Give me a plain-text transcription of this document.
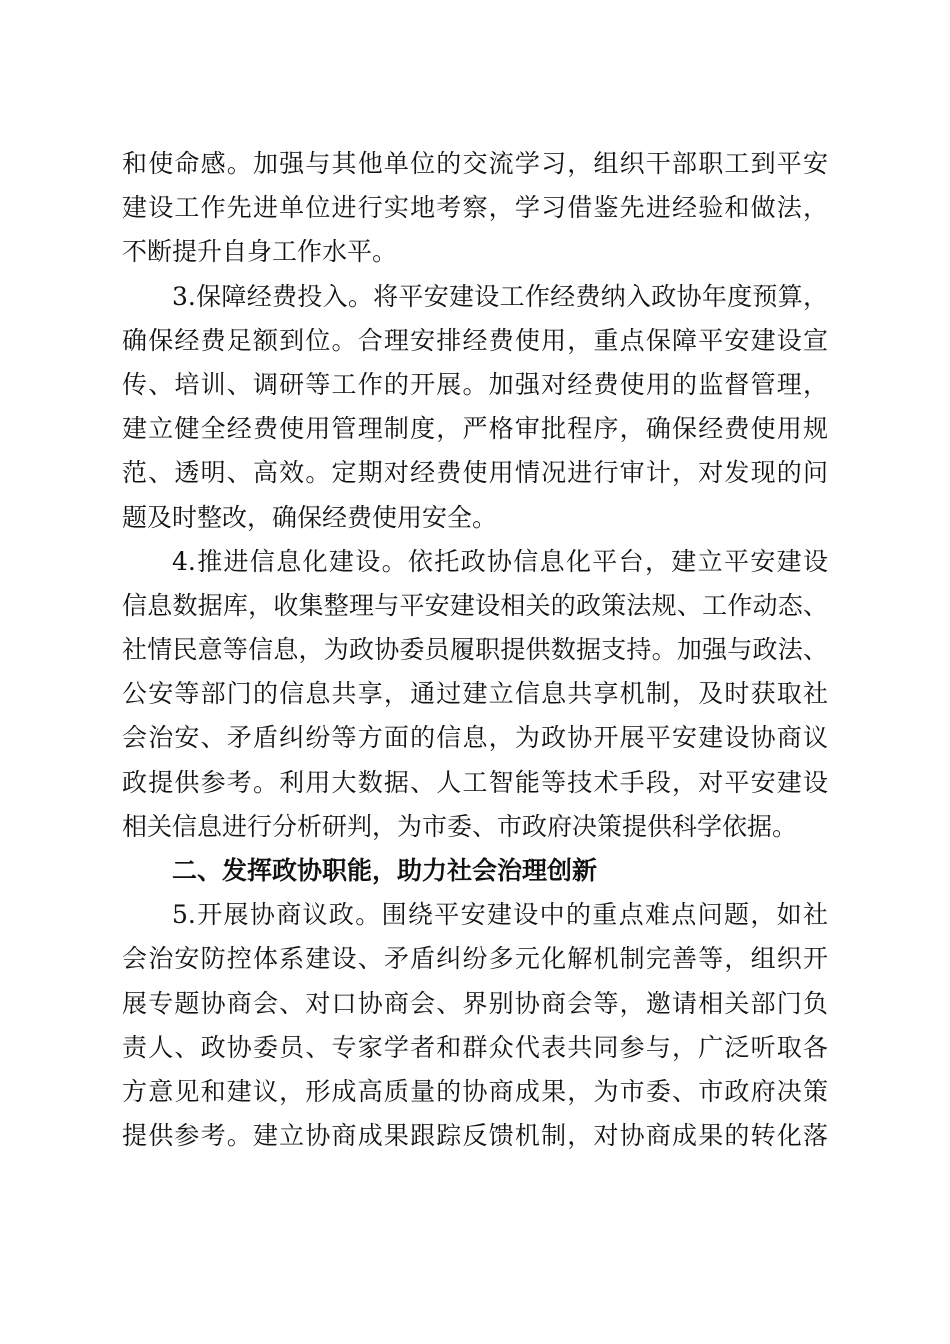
和使命感。加强与其他单位的交流学习，组织干部职工到平安
建设工作先进单位进行实地考察，学习借鉴先进经验和做法，
不断提升自身工作水平。
3.保障经费投入。将平安建设工作经费纳入政协年度预算，
确保经费足额到位。合理安排经费使用，重点保障平安建设宣
传、培训、调研等工作的开展。加强对经费使用的监督管理，
建立健全经费使用管理制度，严格审批程序，确保经费使用规
范、透明、高效。定期对经费使用情况进行审计，对发现的问
题及时整改，确保经费使用安全。
4.推进信息化建设。依托政协信息化平台，建立平安建设
信息数据库，收集整理与平安建设相关的政策法规、工作动态、
社情民意等信息，为政协委员履职提供数据支持。加强与政法、
公安等部门的信息共享，通过建立信息共享机制，及时获取社
会治安、矛盾纠纷等方面的信息，为政协开展平安建设协商议
政提供参考。利用大数据、人工智能等技术手段，对平安建设
相关信息进行分析研判，为市委、市政府决策提供科学依据。
二、发挥政协职能，助力社会治理创新
5.开展协商议政。围绕平安建设中的重点难点问题，如社
会治安防控体系建设、矛盾纠纷多元化解机制完善等，组织开
展专题协商会、对口协商会、界别协商会等，邀请相关部门负
责人、政协委员、专家学者和群众代表共同参与，广泛听取各
方意见和建议，形成高质量的协商成果，为市委、市政府决策
提供参考。建立协商成果跟踪反馈机制，对协商成果的转化落
